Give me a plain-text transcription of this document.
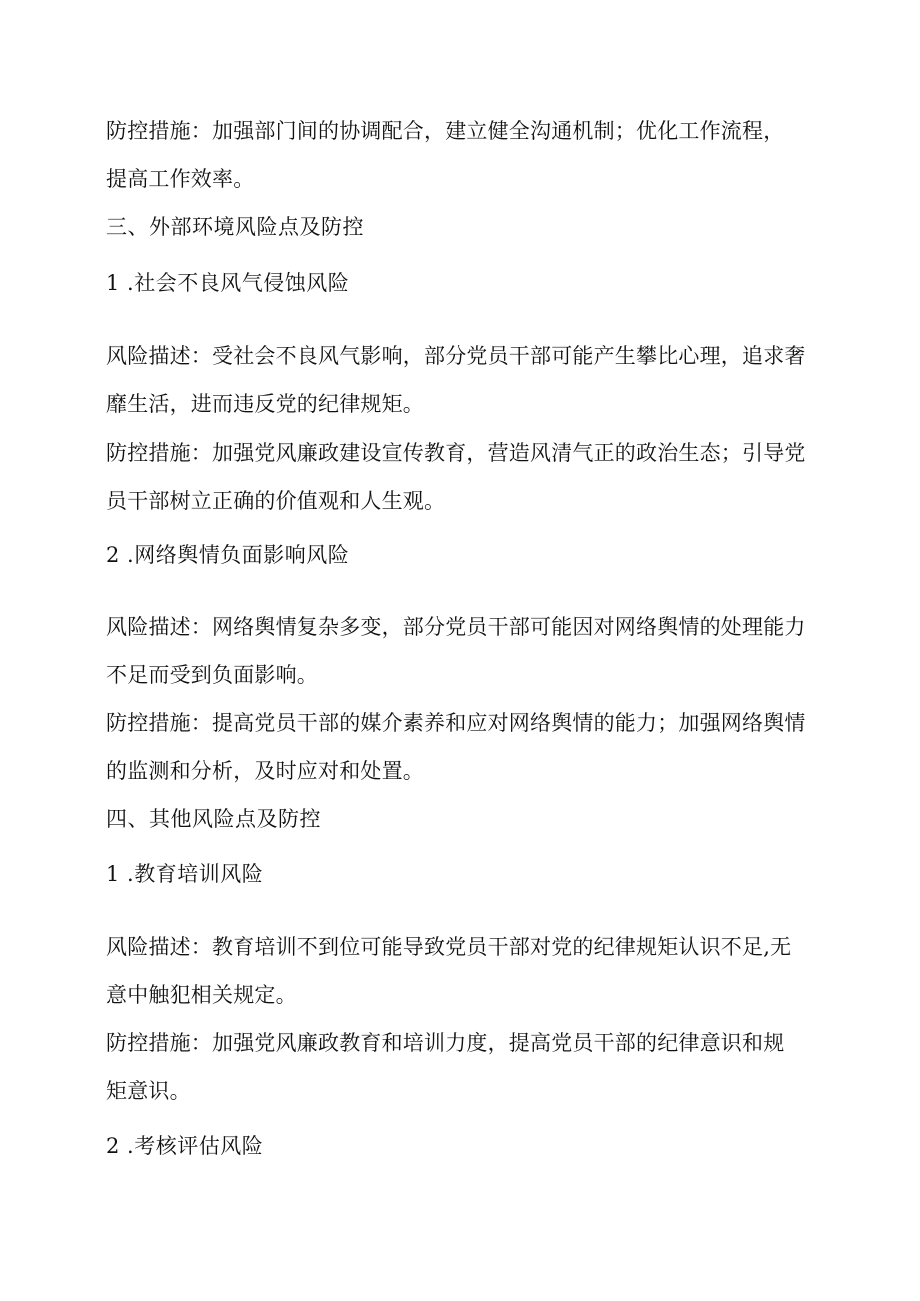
防控措施：加强部门间的协调配合，建立健全沟通机制；优化工作流程，
提高工作效率。
三、外部环境风险点及防控
1 .社会不良风气侵蚀风险
风险描述：受社会不良风气影响，部分党员干部可能产生攀比心理，追求奢
靡生活，进而违反党的纪律规矩。
防控措施：加强党风廉政建设宣传教育，营造风清气正的政治生态；引导党
员干部树立正确的价值观和人生观。
2 .网络舆情负面影响风险
风险描述：网络舆情复杂多变，部分党员干部可能因对网络舆情的处理能力
不足而受到负面影响。
防控措施：提高党员干部的媒介素养和应对网络舆情的能力；加强网络舆情
的监测和分析，及时应对和处置。
四、其他风险点及防控
1 .教育培训风险
风险描述：教育培训不到位可能导致党员干部对党的纪律规矩认识不足,无
意中触犯相关规定。
防控措施：加强党风廉政教育和培训力度，提高党员干部的纪律意识和规
矩意识。
2 .考核评估风险
